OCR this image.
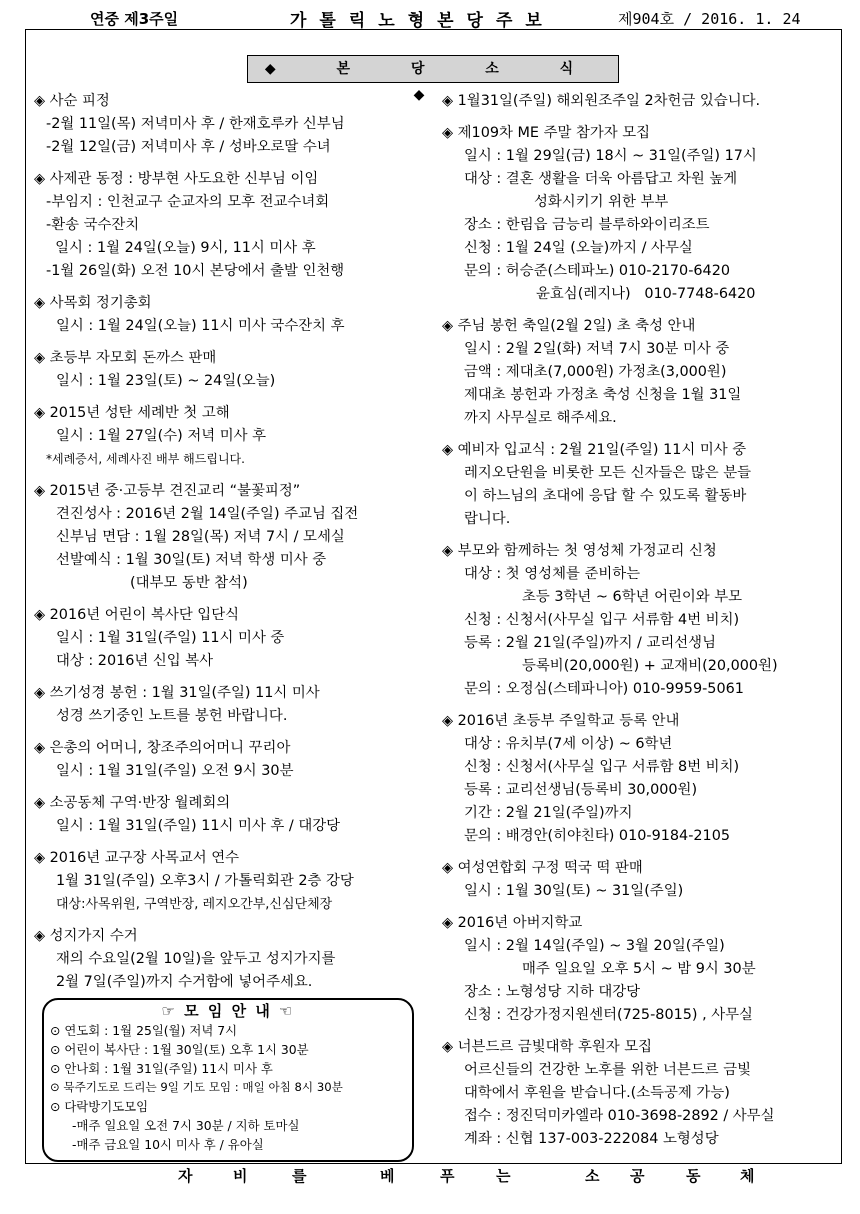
연중 제3주일	가톨릭노형본당주보	제904호 / 2016. 1. 24
◆ 본 당 소 식 ◆
◈ 사순 피정
-2월 11일(목) 저녁미사 후 / 한재호루카 신부님
-2월 12일(금) 저녁미사 후 / 성바오로딸 수녀
◈ 사제관 동정 : 방부현 사도요한 신부님 이임
-부임지 : 인천교구 순교자의 모후 전교수녀회
-환송 국수잔치
일시 : 1월 24일(오늘) 9시, 11시 미사 후
-1월 26일(화) 오전 10시 본당에서 출발 인천행
◈ 사목회 정기총회
일시 : 1월 24일(오늘) 11시 미사 국수잔치 후
◈ 초등부 자모회 돈까스 판매
일시 : 1월 23일(토) ~ 24일(오늘)
◈ 2015년 성탄 세례반 첫 고해
일시 : 1월 27일(수) 저녁 미사 후
*세례증서, 세례사진 배부 해드립니다.
◈ 2015년 중·고등부 견진교리 “불꽃피정”
견진성사 : 2016년 2월 14일(주일) 주교님 집전
신부님 면담 : 1월 28일(목) 저녁 7시 / 모세실
선발예식 : 1월 30일(토) 저녁 학생 미사 중
(대부모 동반 참석)
◈ 2016년 어린이 복사단 입단식
일시 : 1월 31일(주일) 11시 미사 중
대상 : 2016년 신입 복사
◈ 쓰기성경 봉헌 : 1월 31일(주일) 11시 미사
성경 쓰기중인 노트를 봉헌 바랍니다.
◈ 은총의 어머니, 창조주의어머니 꾸리아
일시 : 1월 31일(주일) 오전 9시 30분
◈ 소공동체 구역·반장 월례회의
일시 : 1월 31일(주일) 11시 미사 후 / 대강당
◈ 2016년 교구장 사목교서 연수
1월 31일(주일) 오후3시 / 가톨릭회관 2층 강당
대상:사목위원, 구역반장, 레지오간부,신심단체장
◈ 성지가지 수거
재의 수요일(2월 10일)을 앞두고 성지가지를
2월 7일(주일)까지 수거함에 넣어주세요.
☞ 모 임 안 내 ☜
⊙ 연도회 : 1월 25일(월) 저녁 7시
⊙ 어린이 복사단 : 1월 30일(토) 오후 1시 30분
⊙ 안나회 : 1월 31일(주일) 11시 미사 후
⊙ 묵주기도로 드리는 9일 기도 모임 : 매일 아침 8시 30분
⊙ 다락방기도모임
-매주 일요일 오전 7시 30분 / 지하 토마실
-매주 금요일 10시 미사 후 / 유아실
◈ 1월31일(주일) 해외원조주일 2차헌금 있습니다.
◈ 제109차 ME 주말 참가자 모집
일시 : 1월 29일(금) 18시 ~ 31일(주일) 17시
대상 : 결혼 생활을 더욱 아름답고 차원 높게
성화시키기 위한 부부
장소 : 한림읍 금능리 블루하와이리조트
신청 : 1월 24일 (오늘)까지 / 사무실
문의 : 허승준(스테파노) 010-2170-6420
윤효심(레지나)   010-7748-6420
◈ 주님 봉헌 축일(2월 2일) 초 축성 안내
일시 : 2월 2일(화) 저녁 7시 30분 미사 중
금액 : 제대초(7,000원) 가정초(3,000원)
제대초 봉헌과 가정초 축성 신청을 1월 31일
까지 사무실로 해주세요.
◈ 예비자 입교식 : 2월 21일(주일) 11시 미사 중
레지오단원을 비롯한 모든 신자들은 많은 분들
이 하느님의 초대에 응답 할 수 있도록 활동바
랍니다.
◈ 부모와 함께하는 첫 영성체 가정교리 신청
대상 : 첫 영성체를 준비하는
초등 3학년 ~ 6학년 어린이와 부모
신청 : 신청서(사무실 입구 서류함 4번 비치)
등록 : 2월 21일(주일)까지 / 교리선생님
등록비(20,000원) + 교재비(20,000원)
문의 : 오정심(스테파니아) 010-9959-5061
◈ 2016년 초등부 주일학교 등록 안내
대상 : 유치부(7세 이상) ~ 6학년
신청 : 신청서(사무실 입구 서류함 8번 비치)
등록 : 교리선생님(등록비 30,000원)
기간 : 2월 21일(주일)까지
문의 : 배경안(히야친타) 010-9184-2105
◈ 여성연합회 구정 떡국 떡 판매
일시 : 1월 30일(토) ~ 31일(주일)
◈ 2016년 아버지학교
일시 : 2월 14일(주일) ~ 3월 20일(주일)
매주 일요일 오후 5시 ~ 밤 9시 30분
장소 : 노형성당 지하 대강당
신청 : 건강가정지원센터(725-8015) , 사무실
◈ 너븐드르 금빛대학 후원자 모집
어르신들의 건강한 노후를 위한 너븐드르 금빛
대학에서 후원을 받습니다.(소득공제 가능)
접수 : 정진덕미카엘라 010-3698-2892 / 사무실
계좌 : 신협 137-003-222084 노형성당
자	비	를	베	푸	는	소 공	동	체
